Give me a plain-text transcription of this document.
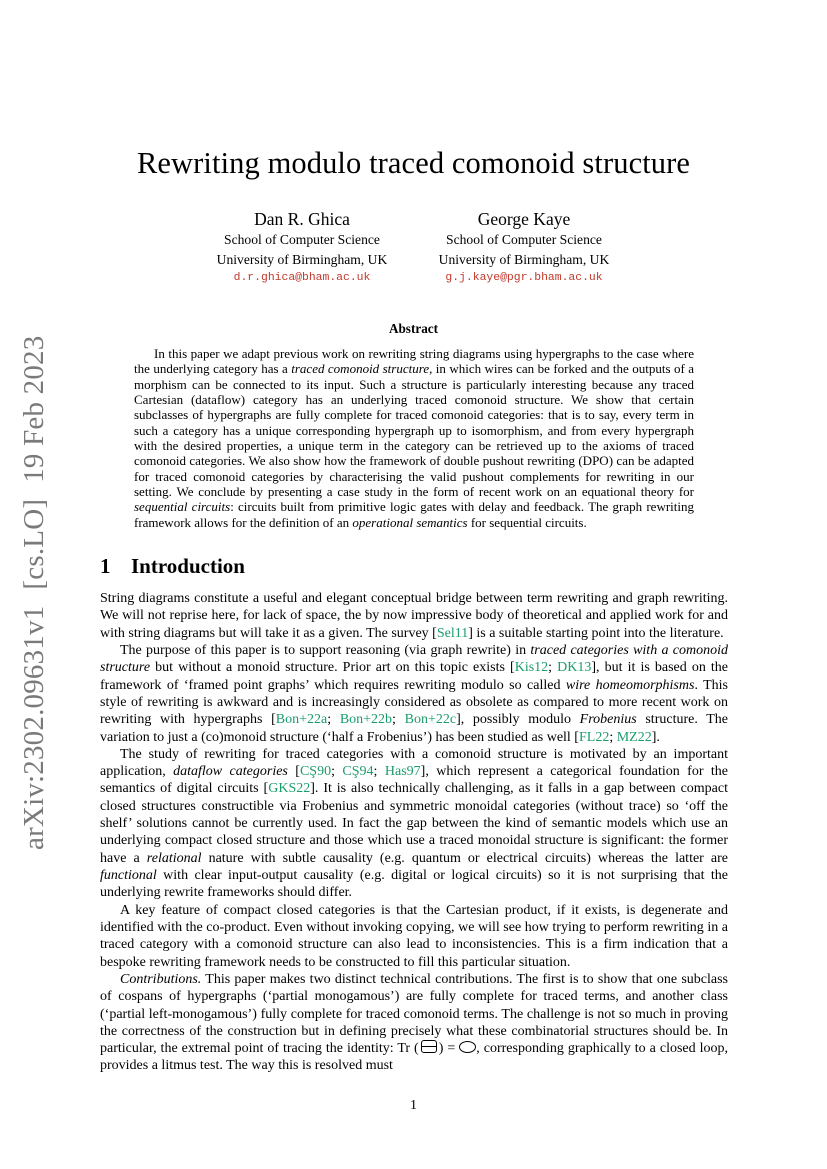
arXiv:2302.09631v1[cs.LO]19 Feb 2023
Rewriting modulo traced comonoid structure
Dan R. Ghica
School of Computer Science
University of Birmingham, UK
d.r.ghica@bham.ac.uk
George Kaye
School of Computer Science
University of Birmingham, UK
g.j.kaye@pgr.bham.ac.uk
Abstract

In this paper we adapt previous work on rewriting string diagrams using hypergraphs to the case where the underlying category has a traced comonoid structure, in which wires can be forked and the outputs of a morphism can be connected to its input. Such a structure is particularly interesting because any traced Cartesian (dataflow) category has an underlying traced comonoid structure. We show that certain subclasses of hypergraphs are fully complete for traced comonoid categories: that is to say, every term in such a category has a unique corresponding hypergraph up to isomorphism, and from every hypergraph with the desired properties, a unique term in the category can be retrieved up to the axioms of traced comonoid categories. We also show how the framework of double pushout rewriting (DPO) can be adapted for traced comonoid categories by characterising the valid pushout complements for rewriting in our setting. We conclude by presenting a case study in the form of recent work on an equational theory for sequential circuits: circuits built from primitive logic gates with delay and feedback. The graph rewriting framework allows for the definition of an operational semantics for sequential circuits.

1 Introduction

String diagrams constitute a useful and elegant conceptual bridge between term rewriting and graph rewriting. We will not reprise here, for lack of space, the by now impressive body of theoretical and applied work for and with string diagrams but will take it as a given. The survey [Sel11] is a suitable starting point into the literature.

The purpose of this paper is to support reasoning (via graph rewrite) in traced categories with a comonoid structure but without a monoid structure. Prior art on this topic exists [Kis12; DK13], but it is based on the framework of ‘framed point graphs’ which requires rewriting modulo so called wire homeomorphisms. This style of rewriting is awkward and is increasingly considered as obsolete as compared to more recent work on rewriting with hypergraphs [Bon+22a; Bon+22b; Bon+22c], possibly modulo Frobenius structure. The variation to just a (co)monoid structure (‘half a Frobenius’) has been studied as well [FL22; MZ22].

The study of rewriting for traced categories with a comonoid structure is motivated by an important application, dataflow categories [CŞ90; CŞ94; Has97], which represent a categorical foundation for the semantics of digital circuits [GKS22]. It is also technically challenging, as it falls in a gap between compact closed structures constructible via Frobenius and symmetric monoidal categories (without trace) so ‘off the shelf’ solutions cannot be currently used. In fact the gap between the kind of semantic models which use an underlying compact closed structure and those which use a traced monoidal structure is significant: the former have a relational nature with subtle causality (e.g. quantum or electrical circuits) whereas the latter are functional with clear input-output causality (e.g. digital or logical circuits) so it is not surprising that the underlying rewrite frameworks should differ.

A key feature of compact closed categories is that the Cartesian product, if it exists, is degenerate and identified with the co-product. Even without invoking copying, we will see how trying to perform rewriting in a traced category with a comonoid structure can also lead to inconsistencies. This is a firm indication that a bespoke rewriting framework needs to be constructed to fill this particular situation.

Contributions. This paper makes two distinct technical contributions. The first is to show that one subclass of cospans of hypergraphs (‘partial monogamous’) are fully complete for traced terms, and another class (‘partial left-monogamous’) fully complete for traced comonoid terms. The challenge is not so much in proving the correctness of the construction but in defining precisely what these combinatorial structures should be. In particular, the extremal point of tracing the identity: Tr ( ) = , corresponding graphically to a closed loop, provides a litmus test. The way this is resolved must

1
